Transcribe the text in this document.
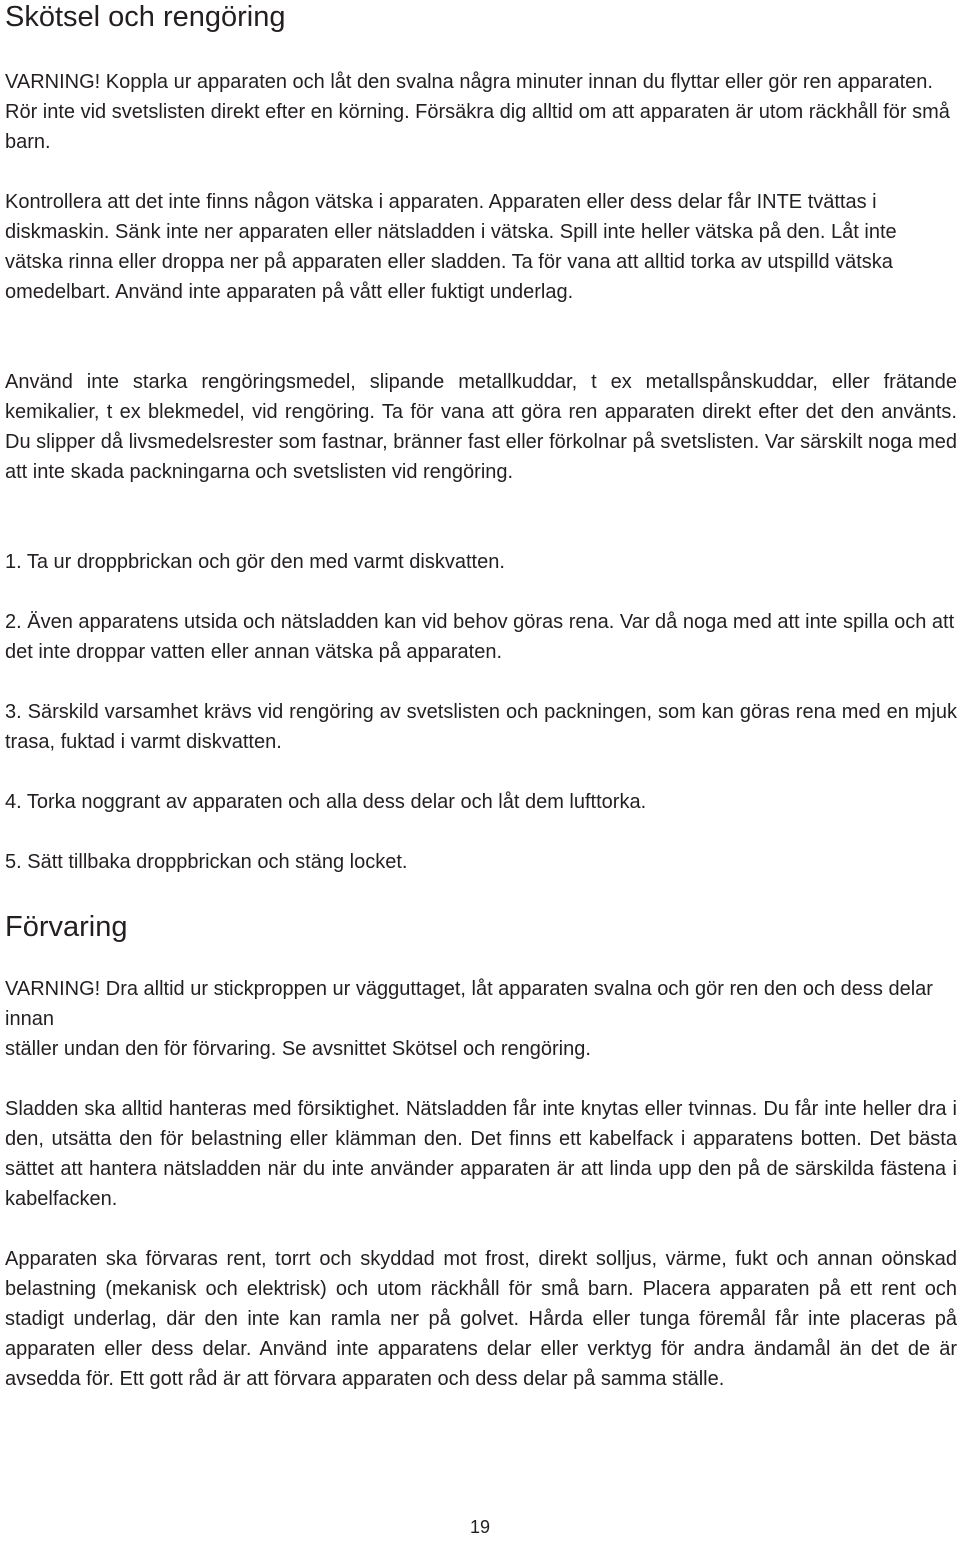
Skötsel och rengöring

VARNING! Koppla ur apparaten och låt den svalna några minuter innan du flyttar eller gör ren apparaten. Rör inte vid svetslisten direkt efter en körning. Försäkra dig alltid om att apparaten är utom räckhåll för små barn.

Kontrollera att det inte finns någon vätska i apparaten. Apparaten eller dess delar får INTE tvättas i diskmaskin. Sänk inte ner apparaten eller nätsladden i vätska. Spill inte heller vätska på den. Låt inte vätska rinna eller droppa ner på apparaten eller sladden. Ta för vana att alltid torka av utspilld vätska omedelbart. Använd inte apparaten på vått eller fuktigt underlag.

Använd inte starka rengöringsmedel, slipande metallkuddar, t ex metallspånskuddar, eller frätande kemikalier, t ex blekmedel, vid rengöring. Ta för vana att göra ren apparaten direkt efter det den använts. Du slipper då livsmedelsrester som fastnar, bränner fast eller förkolnar på svetslisten. Var särskilt noga med att inte skada packningarna och svetslisten vid rengöring.

1. Ta ur droppbrickan och gör den med varmt diskvatten.

2. Även apparatens utsida och nätsladden kan vid behov göras rena. Var då noga med att inte spilla och att det inte droppar vatten eller annan vätska på apparaten.

3. Särskild varsamhet krävs vid rengöring av svetslisten och packningen, som kan göras rena med en mjuk trasa, fuktad i varmt diskvatten.

4. Torka noggrant av apparaten och alla dess delar och låt dem lufttorka.

5. Sätt tillbaka droppbrickan och stäng locket.

Förvaring

VARNING! Dra alltid ur stickproppen ur vägguttaget, låt apparaten svalna och gör ren den och dess delar innan

ställer undan den för förvaring. Se avsnittet Skötsel och rengöring.

Sladden ska alltid hanteras med försiktighet. Nätsladden får inte knytas eller tvinnas. Du får inte heller dra i den, utsätta den för belastning eller klämman den. Det finns ett kabelfack i apparatens botten. Det bästa sättet att hantera nätsladden när du inte använder apparaten är att linda upp den på de särskilda fästena i kabelfacken.

Apparaten ska förvaras rent, torrt och skyddad mot frost, direkt solljus, värme, fukt och annan oönskad belastning (mekanisk och elektrisk) och utom räckhåll för små barn. Placera apparaten på ett rent och stadigt underlag, där den inte kan ramla ner på golvet. Hårda eller tunga föremål får inte placeras på apparaten eller dess delar. Använd inte apparatens delar eller verktyg för andra ändamål än det de är avsedda för. Ett gott råd är att förvara apparaten och dess delar på samma ställe.

19
